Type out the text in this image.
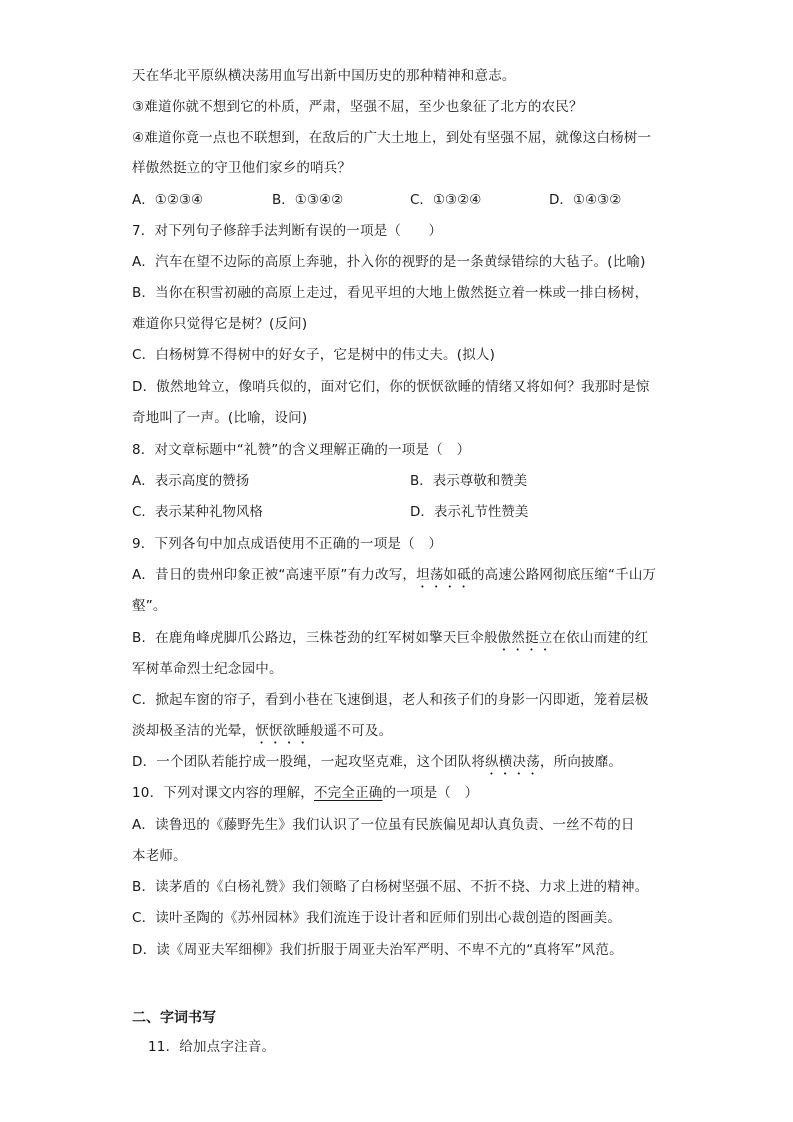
天在华北平原纵横决荡用血写出新中国历史的那种精神和意志。
③难道你就不想到它的朴质，严肃，坚强不屈，至少也象征了北方的农民？
④难道你竟一点也不联想到，在敌后的广大土地上，到处有坚强不屈，就像这白杨树一
样傲然挺立的守卫他们家乡的哨兵？
A．①②③④	B．①③④②	C．①③②④	D．①④③②
7．对下列句子修辞手法判断有误的一项是（　　）
A．汽车在望不边际的高原上奔驰，扑入你的视野的是一条黄绿错综的大毡子。(比喻)
B．当你在积雪初融的高原上走过，看见平坦的大地上傲然挺立着一株或一排白杨树，
难道你只觉得它是树？(反问)
C．白杨树算不得树中的好女子，它是树中的伟丈夫。(拟人)
D．傲然地耸立，像哨兵似的，面对它们，你的恹恹欲睡的情绪又将如何？我那时是惊
奇地叫了一声。(比喻，设问)
8．对文章标题中“礼赞”的含义理解正确的一项是（　）
A．表示高度的赞扬	B．表示尊敬和赞美
C．表示某种礼物风格	D．表示礼节性赞美
9．下列各句中加点成语使用不正确的一项是（　）
A．昔日的贵州印象正被“高速平原”有力改写，坦荡如砥的高速公路网彻底压缩“千山万
壑”。
B．在鹿角峰虎脚爪公路边，三株苍劲的红军树如擎天巨伞般傲然挺立在依山而建的红
军树革命烈士纪念园中。
C．掀起车窗的帘子，看到小巷在飞速倒退，老人和孩子们的身影一闪即逝，笼着层极
淡却极圣洁的光晕，恹恹欲睡般遥不可及。
D．一个团队若能拧成一股绳，一起攻坚克难，这个团队将纵横决荡，所向披靡。
10．下列对课文内容的理解，不完全正确的一项是（　）
A．读鲁迅的《藤野先生》我们认识了一位虽有民族偏见却认真负责、一丝不苟的日
本老师。
B．读茅盾的《白杨礼赞》我们领略了白杨树坚强不屈、不折不挠、力求上进的精神。
C．读叶圣陶的《苏州园林》我们流连于设计者和匠师们别出心裁创造的图画美。
D．读《周亚夫军细柳》我们折服于周亚夫治军严明、不卑不亢的“真将军”风范。
二、字词书写
11．给加点字注音。
